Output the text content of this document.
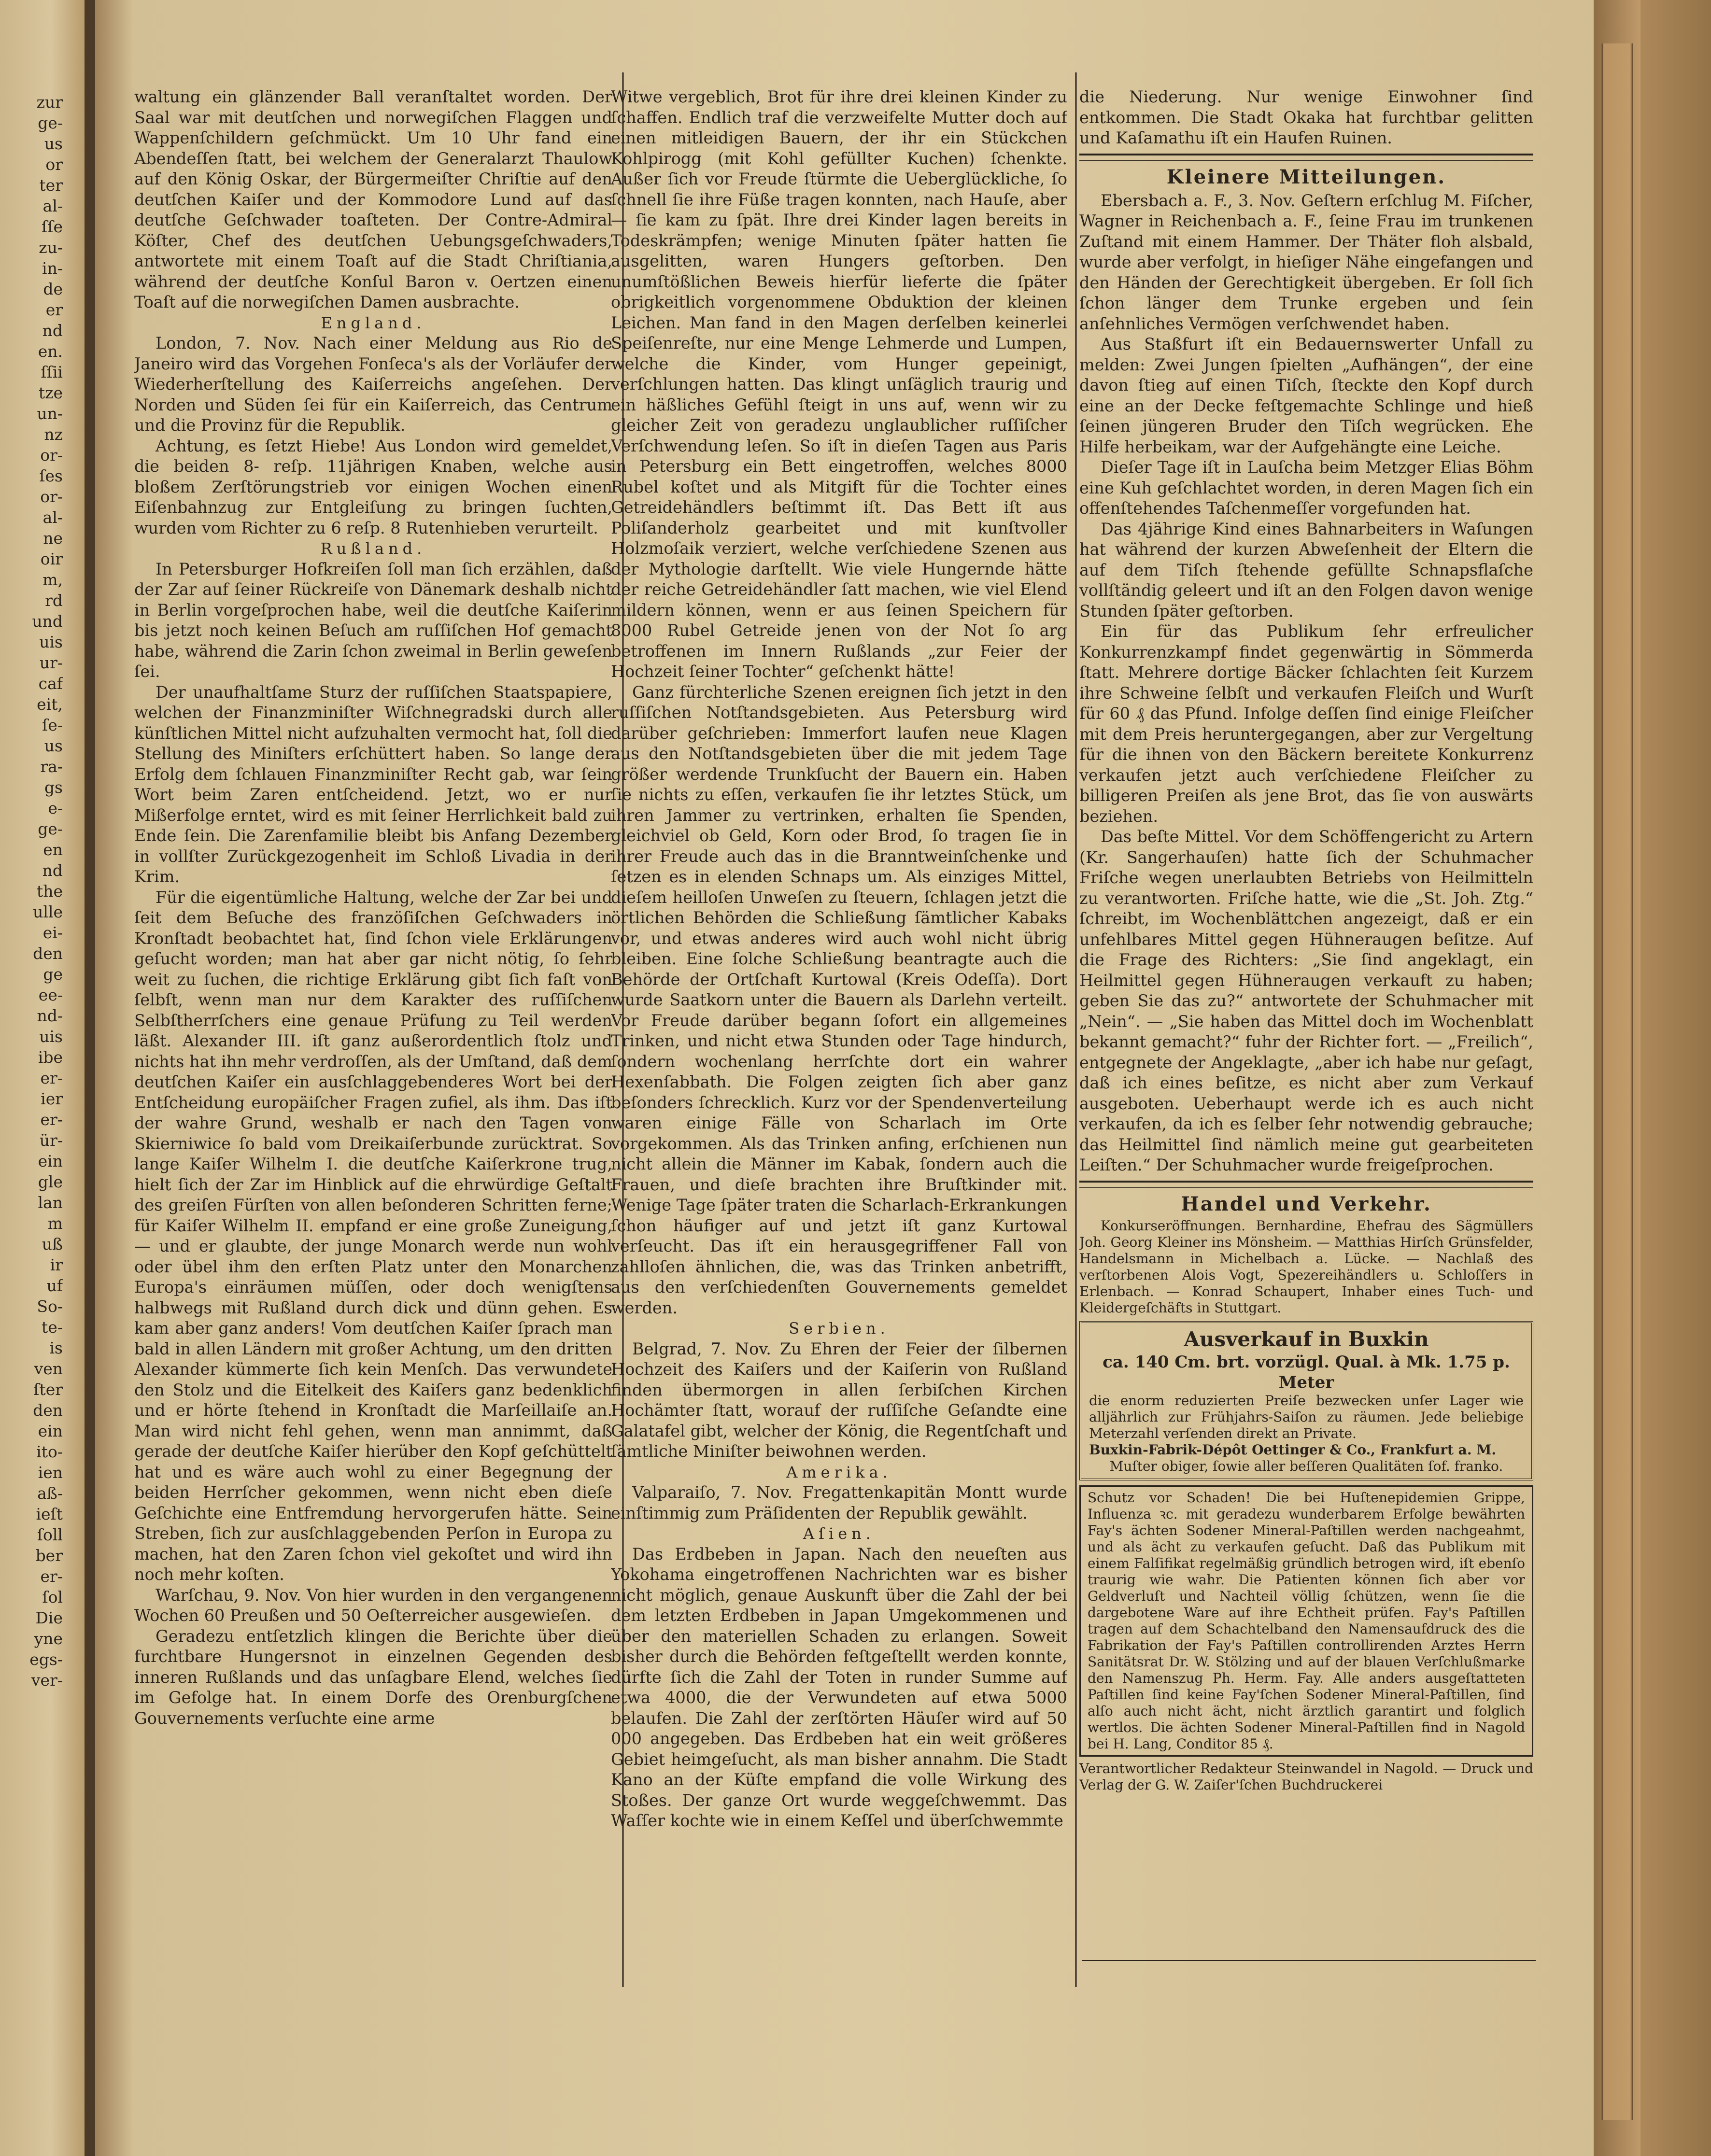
zur
ge-
us
or
ter
al-
ſſe
zu-
in-
de
er
nd
en.
ſſii
tze
un-
nz
or-
ſes
or-
al-
ne
oir
m,
rd
und
uis
ur-
caf
eit,
ſe-
us
ra-
gs
e-
ge-
en
nd
the
ulle
ei-
den
ge
ee-
nd-
uis
ibe
er-
ier
er-
ür-
ein
gle
lan
m
uß
ir
uf
So-
te-
is
ven
ſter
den
ein
ito-
ien
aß-
ieſt
ſoll
ber
er-
ſol
Die
yne
egs-
ver-

waltung ein glänzender Ball veranſtaltet worden. Der Saal war mit deutſchen und norwegiſchen Flaggen und Wappenſchildern geſchmückt. Um 10 Uhr fand ein Abendeſſen ſtatt, bei welchem der Generalarzt Thaulow auf den König Oskar, der Bürgermeiſter Chriſtie auf den deutſchen Kaiſer und der Kommodore Lund auf das deutſche Geſchwader toaſteten. Der Contre-Admiral Köſter, Chef des deutſchen Uebungsgeſchwaders, antwortete mit einem Toaſt auf die Stadt Chriſtiania, während der deutſche Konſul Baron v. Oertzen einen Toaſt auf die norwegiſchen Damen ausbrachte.

England.

London, 7. Nov. Nach einer Meldung aus Rio de Janeiro wird das Vorgehen Fonſeca's als der Vorläufer der Wiederherſtellung des Kaiſerreichs angeſehen. Der Norden und Süden ſei für ein Kaiſerreich, das Centrum und die Provinz für die Republik.

Achtung, es ſetzt Hiebe! Aus London wird gemeldet, die beiden 8- reſp. 11jährigen Knaben, welche aus bloßem Zerſtörungstrieb vor einigen Wochen einen Eiſenbahnzug zur Entgleiſung zu bringen ſuchten, wurden vom Richter zu 6 reſp. 8 Rutenhieben verurteilt.

Rußland.

In Petersburger Hofkreiſen ſoll man ſich erzählen, daß der Zar auf ſeiner Rückreiſe von Dänemark deshalb nicht in Berlin vorgeſprochen habe, weil die deutſche Kaiſerin bis jetzt noch keinen Beſuch am ruſſiſchen Hof gemacht habe, während die Zarin ſchon zweimal in Berlin geweſen ſei.

Der unaufhaltſame Sturz der ruſſiſchen Staatspapiere, welchen der Finanzminiſter Wiſchnegradski durch alle künſtlichen Mittel nicht aufzuhalten vermocht hat, ſoll die Stellung des Miniſters erſchüttert haben. So lange der Erfolg dem ſchlauen Finanzminiſter Recht gab, war ſein Wort beim Zaren entſcheidend. Jetzt, wo er nur Mißerfolge erntet, wird es mit ſeiner Herrlichkeit bald zu Ende ſein. Die Zarenfamilie bleibt bis Anfang Dezember in vollſter Zurückgezogenheit im Schloß Livadia in der Krim.

Für die eigentümliche Haltung, welche der Zar bei und ſeit dem Beſuche des franzöſiſchen Geſchwaders in Kronſtadt beobachtet hat, ſind ſchon viele Erklärungen geſucht worden; man hat aber gar nicht nötig, ſo ſehr weit zu ſuchen, die richtige Erklärung gibt ſich faſt von ſelbſt, wenn man nur dem Karakter des ruſſiſchen Selbſtherrſchers eine genaue Prüfung zu Teil werden läßt. Alexander III. iſt ganz außerordentlich ſtolz und nichts hat ihn mehr verdroſſen, als der Umſtand, daß dem deutſchen Kaiſer ein ausſchlaggebenderes Wort bei der Entſcheidung europäiſcher Fragen zufiel, als ihm. Das iſt der wahre Grund, weshalb er nach den Tagen von Skierniwice ſo bald vom Dreikaiſerbunde zurücktrat. So lange Kaiſer Wilhelm I. die deutſche Kaiſerkrone trug, hielt ſich der Zar im Hinblick auf die ehrwürdige Geſtalt des greiſen Fürſten von allen beſonderen Schritten ferne; für Kaiſer Wilhelm II. empfand er eine große Zuneigung, — und er glaubte, der junge Monarch werde nun wohl oder übel ihm den erſten Platz unter den Monarchen Europa's einräumen müſſen, oder doch wenigſtens halbwegs mit Rußland durch dick und dünn gehen. Es kam aber ganz anders! Vom deutſchen Kaiſer ſprach man bald in allen Ländern mit großer Achtung, um den dritten Alexander kümmerte ſich kein Menſch. Das verwundete den Stolz und die Eitelkeit des Kaiſers ganz bedenklich und er hörte ſtehend in Kronſtadt die Marſeillaiſe an. Man wird nicht fehl gehen, wenn man annimmt, daß gerade der deutſche Kaiſer hierüber den Kopf geſchüttelt hat und es wäre auch wohl zu einer Begegnung der beiden Herrſcher gekommen, wenn nicht eben dieſe Geſchichte eine Entfremdung hervorgerufen hätte. Sein Streben, ſich zur ausſchlaggebenden Perſon in Europa zu machen, hat den Zaren ſchon viel gekoſtet und wird ihn noch mehr koſten.

Warſchau, 9. Nov. Von hier wurden in den vergangenen Wochen 60 Preußen und 50 Oeſterreicher ausgewieſen.

Geradezu entſetzlich klingen die Berichte über die furchtbare Hungersnot in einzelnen Gegenden des inneren Rußlands und das unſagbare Elend, welches ſie im Gefolge hat. In einem Dorfe des Orenburgſchen Gouvernements verſuchte eine arme

Witwe vergeblich, Brot für ihre drei kleinen Kinder zu ſchaffen. Endlich traf die verzweifelte Mutter doch auf einen mitleidigen Bauern, der ihr ein Stückchen Kohlpirogg (mit Kohl gefüllter Kuchen) ſchenkte. Außer ſich vor Freude ſtürmte die Ueberglückliche, ſo ſchnell ſie ihre Füße tragen konnten, nach Hauſe, aber — ſie kam zu ſpät. Ihre drei Kinder lagen bereits in Todeskrämpfen; wenige Minuten ſpäter hatten ſie ausgelitten, waren Hungers geſtorben. Den unumſtößlichen Beweis hierfür lieferte die ſpäter obrigkeitlich vorgenommene Obduktion der kleinen Leichen. Man fand in den Magen derſelben keinerlei Speiſenreſte, nur eine Menge Lehmerde und Lumpen, welche die Kinder, vom Hunger gepeinigt, verſchlungen hatten. Das klingt unſäglich traurig und ein häßliches Gefühl ſteigt in uns auf, wenn wir zu gleicher Zeit von geradezu unglaublicher ruſſiſcher Verſchwendung leſen. So iſt in dieſen Tagen aus Paris in Petersburg ein Bett eingetroffen, welches 8000 Rubel koſtet und als Mitgift für die Tochter eines Getreidehändlers beſtimmt iſt. Das Bett iſt aus Poliſanderholz gearbeitet und mit kunſtvoller Holzmoſaik verziert, welche verſchiedene Szenen aus der Mythologie darſtellt. Wie viele Hungernde hätte der reiche Getreidehändler ſatt machen, wie viel Elend mildern können, wenn er aus ſeinen Speichern für 8000 Rubel Getreide jenen von der Not ſo arg betroffenen im Innern Rußlands „zur Feier der Hochzeit ſeiner Tochter“ geſchenkt hätte!

Ganz fürchterliche Szenen ereignen ſich jetzt in den ruſſiſchen Notſtandsgebieten. Aus Petersburg wird darüber geſchrieben: Immerfort laufen neue Klagen aus den Notſtandsgebieten über die mit jedem Tage größer werdende Trunkſucht der Bauern ein. Haben ſie nichts zu eſſen, verkaufen ſie ihr letztes Stück, um ihren Jammer zu vertrinken, erhalten ſie Spenden, gleichviel ob Geld, Korn oder Brod, ſo tragen ſie in ihrer Freude auch das in die Branntweinſchenke und ſetzen es in elenden Schnaps um. Als einziges Mittel, dieſem heilloſen Unweſen zu ſteuern, ſchlagen jetzt die örtlichen Behörden die Schließung ſämtlicher Kabaks vor, und etwas anderes wird auch wohl nicht übrig bleiben. Eine ſolche Schließung beantragte auch die Behörde der Ortſchaft Kurtowal (Kreis Odeſſa). Dort wurde Saatkorn unter die Bauern als Darlehn verteilt. Vor Freude darüber begann ſofort ein allgemeines Trinken, und nicht etwa Stunden oder Tage hindurch, ſondern wochenlang herrſchte dort ein wahrer Hexenſabbath. Die Folgen zeigten ſich aber ganz beſonders ſchrecklich. Kurz vor der Spendenverteilung waren einige Fälle von Scharlach im Orte vorgekommen. Als das Trinken anfing, erſchienen nun nicht allein die Männer im Kabak, ſondern auch die Frauen, und dieſe brachten ihre Bruſtkinder mit. Wenige Tage ſpäter traten die Scharlach-Erkrankungen ſchon häufiger auf und jetzt iſt ganz Kurtowal verſeucht. Das iſt ein herausgegriffener Fall von zahlloſen ähnlichen, die, was das Trinken anbetrifft, aus den verſchiedenſten Gouvernements gemeldet werden.

Serbien.

Belgrad, 7. Nov. Zu Ehren der Feier der ſilbernen Hochzeit des Kaiſers und der Kaiſerin von Rußland finden übermorgen in allen ſerbiſchen Kirchen Hochämter ſtatt, worauf der ruſſiſche Geſandte eine Galatafel gibt, welcher der König, die Regentſchaft und ſämtliche Miniſter beiwohnen werden.

Amerika.

Valparaiſo, 7. Nov. Fregattenkapitän Montt wurde einſtimmig zum Präſidenten der Republik gewählt.

Aſien.

Das Erdbeben in Japan. Nach den neueſten aus Yokohama eingetroffenen Nachrichten war es bisher nicht möglich, genaue Auskunft über die Zahl der bei dem letzten Erdbeben in Japan Umgekommenen und über den materiellen Schaden zu erlangen. Soweit bisher durch die Behörden feſtgeſtellt werden konnte, dürfte ſich die Zahl der Toten in runder Summe auf etwa 4000, die der Verwundeten auf etwa 5000 belaufen. Die Zahl der zerſtörten Häuſer wird auf 50 000 angegeben. Das Erdbeben hat ein weit größeres Gebiet heimgeſucht, als man bisher annahm. Die Stadt Kano an der Küſte empfand die volle Wirkung des Stoßes. Der ganze Ort wurde weggeſchwemmt. Das Waſſer kochte wie in einem Keſſel und überſchwemmte

die Niederung. Nur wenige Einwohner ſind entkommen. Die Stadt Okaka hat furchtbar gelitten und Kaſamathu iſt ein Haufen Ruinen.

Kleinere Mitteilungen.

Ebersbach a. F., 3. Nov. Geſtern erſchlug M. Fiſcher, Wagner in Reichenbach a. F., ſeine Frau im trunkenen Zuſtand mit einem Hammer. Der Thäter floh alsbald, wurde aber verfolgt, in hieſiger Nähe eingefangen und den Händen der Gerechtigkeit übergeben. Er ſoll ſich ſchon länger dem Trunke ergeben und ſein anſehnliches Vermögen verſchwendet haben.

Aus Staßfurt iſt ein Bedauernswerter Unfall zu melden: Zwei Jungen ſpielten „Aufhängen“, der eine davon ſtieg auf einen Tiſch, ſteckte den Kopf durch eine an der Decke feſtgemachte Schlinge und hieß ſeinen jüngeren Bruder den Tiſch wegrücken. Ehe Hilfe herbeikam, war der Aufgehängte eine Leiche.

Dieſer Tage iſt in Lauſcha beim Metzger Elias Böhm eine Kuh geſchlachtet worden, in deren Magen ſich ein offenſtehendes Taſchenmeſſer vorgefunden hat.

Das 4jährige Kind eines Bahnarbeiters in Waſungen hat während der kurzen Abweſenheit der Eltern die auf dem Tiſch ſtehende gefüllte Schnapsflaſche vollſtändig geleert und iſt an den Folgen davon wenige Stunden ſpäter geſtorben.

Ein für das Publikum ſehr erfreulicher Konkurrenzkampf findet gegenwärtig in Sömmerda ſtatt. Mehrere dortige Bäcker ſchlachten ſeit Kurzem ihre Schweine ſelbſt und verkaufen Fleiſch und Wurſt für 60 ₰ das Pfund. Infolge deſſen ſind einige Fleiſcher mit dem Preis heruntergegangen, aber zur Vergeltung für die ihnen von den Bäckern bereitete Konkurrenz verkaufen jetzt auch verſchiedene Fleiſcher zu billigeren Preiſen als jene Brot, das ſie von auswärts beziehen.

Das beſte Mittel. Vor dem Schöffengericht zu Artern (Kr. Sangerhauſen) hatte ſich der Schuhmacher Friſche wegen unerlaubten Betriebs von Heilmitteln zu verantworten. Friſche hatte, wie die „St. Joh. Ztg.“ ſchreibt, im Wochenblättchen angezeigt, daß er ein unfehlbares Mittel gegen Hühneraugen beſitze. Auf die Frage des Richters: „Sie ſind angeklagt, ein Heilmittel gegen Hühneraugen verkauft zu haben; geben Sie das zu?“ antwortete der Schuhmacher mit „Nein“. — „Sie haben das Mittel doch im Wochenblatt bekannt gemacht?“ fuhr der Richter fort. — „Freilich“, entgegnete der Angeklagte, „aber ich habe nur geſagt, daß ich eines beſitze, es nicht aber zum Verkauf ausgeboten. Ueberhaupt werde ich es auch nicht verkaufen, da ich es ſelber ſehr notwendig gebrauche; das Heilmittel ſind nämlich meine gut gearbeiteten Leiſten.“ Der Schuhmacher wurde freigeſprochen.

Handel und Verkehr.

Konkurseröffnungen. Bernhardine, Ehefrau des Sägmüllers Joh. Georg Kleiner ins Mönsheim. — Matthias Hirſch Grünsfelder, Handelsmann in Michelbach a. Lücke. — Nachlaß des verſtorbenen Alois Vogt, Spezereihändlers u. Schloſſers in Erlenbach. — Konrad Schaupert, Inhaber eines Tuch- und Kleidergeſchäfts in Stuttgart.

Ausverkauf in Buxkin

ca. 140 Cm. brt. vorzügl. Qual. à Mk. 1.75 p. Meter

die enorm reduzierten Preiſe bezwecken unſer Lager wie alljährlich zur Frühjahrs-Saiſon zu räumen. Jede beliebige Meterzahl verſenden direkt an Private.

Buxkin-Fabrik-Dépôt Oettinger & Co., Frankfurt a. M.

Muſter obiger, ſowie aller beſſeren Qualitäten ſof. franko.

Schutz vor Schaden! Die bei Huſtenepidemien Grippe, Influenza ꝛc. mit geradezu wunderbarem Erfolge bewährten Fay's ächten Sodener Mineral-Paſtillen werden nachgeahmt, und als ächt zu verkaufen geſucht. Daß das Publikum mit einem Falſifikat regelmäßig gründlich betrogen wird, iſt ebenſo traurig wie wahr. Die Patienten können ſich aber vor Geldverluſt und Nachteil völlig ſchützen, wenn ſie die dargebotene Ware auf ihre Echtheit prüfen. Fay's Paſtillen tragen auf dem Schachtelband den Namensaufdruck des die Fabrikation der Fay's Paſtillen controllirenden Arztes Herrn Sanitätsrat Dr. W. Stölzing und auf der blauen Verſchlußmarke den Namenszug Ph. Herm. Fay. Alle anders ausgeſtatteten Paſtillen ſind keine Fay'ſchen Sodener Mineral-Paſtillen, ſind alſo auch nicht ächt, nicht ärztlich garantirt und folglich wertlos. Die ächten Sodener Mineral-Paſtillen find in Nagold bei H. Lang, Conditor 85 ₰.

Verantwortlicher Redakteur Steinwandel in Nagold. — Druck und Verlag der G. W. Zaiſer'ſchen Buchdruckerei
